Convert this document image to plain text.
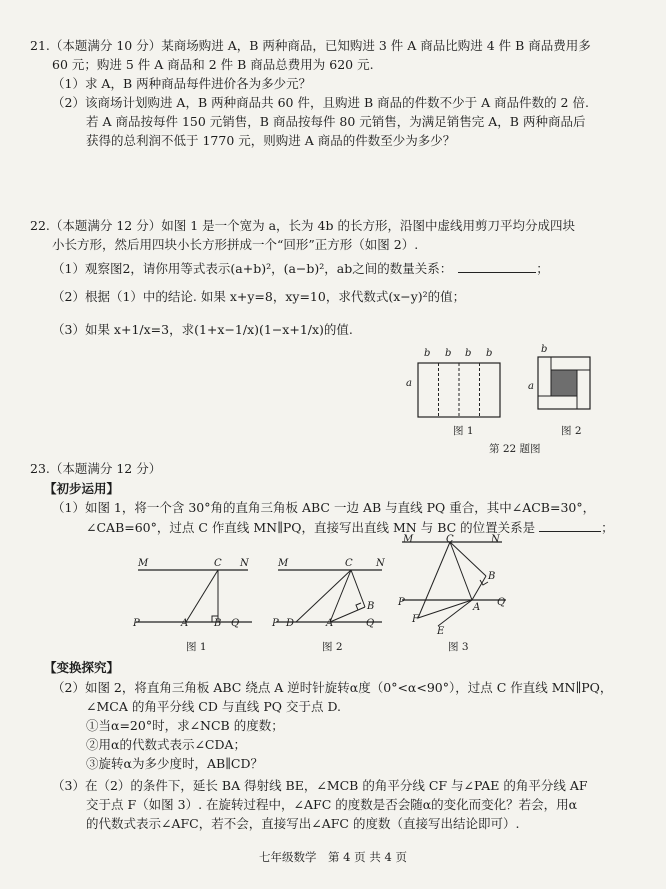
21.（本题满分 10 分）某商场购进 A，B 两种商品，已知购进 3 件 A 商品比购进 4 件 B 商品费用多
60 元；购进 5 件 A 商品和 2 件 B 商品总费用为 620 元.
（1）求 A，B 两种商品每件进价各为多少元？
（2）该商场计划购进 A，B 两种商品共 60 件，且购进 B 商品的件数不少于 A 商品件数的 2 倍.
若 A 商品按每件 150 元销售，B 商品按每件 80 元销售，为满足销售完 A，B 两种商品后
获得的总利润不低于 1770 元，则购进 A 商品的件数至少为多少？
22.（本题满分 12 分）如图 1 是一个宽为 a，长为 4b 的长方形，沿图中虚线用剪刀平均分成四块
小长方形，然后用四块小长方形拼成一个“回形”正方形（如图 2）.
（1）观察图2，请你用等式表示(a+b)²，(a−b)²，ab之间的数量关系：	；
（2）根据（1）中的结论. 如果 x+y=8，xy=10，求代数式(x−y)²的值；
（3）如果 x+1/x=3，求(1+x−1/x)(1−x+1/x)的值.
b b b b
a
b
a
图 1	图 2
第 22 题图
23.（本题满分 12 分）
【初步运用】
（1）如图 1，将一个含 30°角的直角三角板 ABC 一边 AB 与直线 PQ 重合，其中∠ACB=30°，
∠CAB=60°，过点 C 作直线 MN∥PQ，直接写出直线 MN 与 BC 的位置关系是	；
M	C N
P	A	B Q
M	C N
P D	A
B
Q
M	C	N
B
P	A Q
F
E
图 1	图 2	图 3
【变换探究】
（2）如图 2，将直角三角板 ABC 绕点 A 逆时针旋转α度（0°<α<90°），过点 C 作直线 MN∥PQ，
∠MCA 的角平分线 CD 与直线 PQ 交于点 D.
①当α=20°时，求∠NCB 的度数；
②用α的代数式表示∠CDA；
③旋转α为多少度时，AB∥CD？
（3）在（2）的条件下，延长 BA 得射线 BE，∠MCB 的角平分线 CF 与∠PAE 的角平分线 AF
交于点 F（如图 3）. 在旋转过程中，∠AFC 的度数是否会随α的变化而变化？若会，用α
的代数式表示∠AFC，若不会，直接写出∠AFC 的度数（直接写出结论即可）.
七年级数学　第 4 页 共 4 页
